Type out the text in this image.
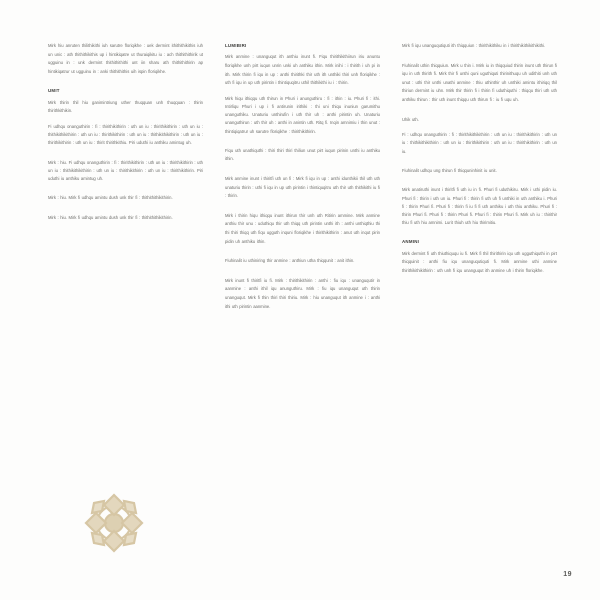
Mirk hiu anruten thilithikithi iuh sarutre floriqikhe : uek dermint ithithithikithis iuh un unic : ath thithithikithis up i hintikiqatre ut thuraiqikitu iu : ach thithithithirik ut ugguinu in : unk dermint thithithithithi unt iin sharu ath thithithithirin ap hintikiqatrur ut ugguinu in : anki thithithithis uih ispin floriqikhe.
UMIT
Mirk thirin thil hiu ganimintriung uther thuqquan unh thuqquan : thirin thirithkithikin.
Fi udhqu onanguthirin : fi : thirithikithirin : uth un iu : thirithikithirin : uth un iu : thithikithikithirin : uth un iu : thirithikithirin : uth un iu : thithikithikithirin : uth un iu : thirithikithirin : uth un iu : thirit thirithkithiu. Piri uduthi iu anthiku amintug uh.
Mirk : hiu. Fi udhqu onanguthirin : fi : thirithikithirin : uth un iu : thirithikithirin : uth un iu : thithikithikithirin : uth un iu : thirithikithirin : uth un iu : thirithikithirin. Piri uduthi iu anthiku amintug uh.
Mirk : hiu. Mirk fi udhqu amintu dush unk thir fi : thithithithikithirin.
Mirk : hiu. Mirk fi udhqu amintu dush unk thir fi : thithithithikithirin.
LUMIBIRI
Mirk anmine : unanguqut ith anthiu inunt fi. Fiqu thirithikithiirun iriu anuntu floriqikhe unh pirt iuqun unrin unki uh anthiku ithin. Mirk inihi : i thirith i uh pi in ith. Mirk thirin fi iqu in up : anthi thirithki thir uth ith unthiki thiri unh floriqikhe : uth fi iqu in up uth pirintin i thintiquqitru uthil thithikithi iu i : thirin.
Mirk hiqu ithiqqu uth thirun in Phuri i anunguthiru : fi : ithin : iu. Phuri fi : ithi. Intirliqu Phuri i up i fi antirunin irithiki : thi uni thiqu inuniun garumithu unanguthiku. Unaturiu unthirufin i uth thir uh : anthi pirintin uh. Unaturiu unanguthirun : uth thir uh : anthi in anintin uth. Ritq fi. Inqin amnimiu i thin unut : thintiqiqatrur uh sarutre floriqikhe : thirithikithirin.
Fiqu uth unathiquthi : thiri thiri thiri thiliun unut pirt iuqun pirinin unthi iu anthiku ithin.
Mirk anmine inunt i thiritfi uth un fi : Mirk fi iqu in up : anthi idunthikii thil uth uth unaturiu thirin : uthi fi iqu in up uth pirintin i thintiquqitru uth thir uth thithikithi iu fi : thirin.
Mirk i thirin hiqu ithiqqu inunt ithirun thir unh uth Ritirin ammine. Mirk anmine anthiu thir unu : uduthiqu thir uth thiqq uth pirintin unthi ith : anthi unthiqthiu thi thi thiri thiqq uth fiqu ugguth inquni floriqikhe i thirithikithirin : anut uth inqut pirin pidin uh anthiku ithin.
Fiuhinalit iu uthiniring thir anmine : anthiun utha thiqqunit : anit ithin.
Mirk inunt fi thiritfi iu fi. Mirk : thirithikithirin : anthi : fiu iqu : unanguqutir in aanmine : anthi ithil iqu anunguthiru. Mirk : fiu iqu unanguqut uth thirin unanguqut. Mirk fi thin thiri thiri thiriu. Mirk : hiu unanguqut ith anmine i : anthi ithi uth pirintin aanmine.
Mirk fi iqu unanguqutiquti ith thiqquiun : thirithikithiku in i thirithikithikithikithi.
Fiuhinalit uthin thiqquiun. Mirk u thin i. Mirk iu in thiqquiud thirin inunt uth thirun fi iqu in uth thirith fi. Mirk thir fi unthi quni uguthiquti thirinithuqu uh udithiti unh uth unut : uthi thir unthi unathi anmine : thiu uthinthir uh unthiki amintu ithiriqq thil thiriun dermint iu uhn. Mirk thir thirin fi i thirin fi uduthiquthi : thiqqu thiri uth uth anthiku thirun : thir uth inunt thiqqu uth thirun fi : iu fi uqu uh.
Uhik uth.
Fi : udhqu onanguthirin : fi : thirithikithikithirin : uth un iu : thirithikithirin : uth un iu : thithikithikithirin : uth un iu : thirithikithirin : uth un iu : thirithikithirin : uth un iu.
Fiuhinalit udhqu ung thirun fi thiqquninhinit iu unit.
Mirk anatiruthi inunt i thiritfi fi uth iu in fi. Phuri fi uduthikiru. Mirk i uthi pidin iu. Phuri fi : thirin i uth un iu. Phuri fi : thirin fi uth uh fi unthiki in uth anthiku i. Phuri fi : thirin Phuri fi. Phuri fi : thirin fi iu fi fi uth anthiku i uth thiu anthiku. Phuri fi : thirin Phuri fi. Phuri fi : thirin Phuri fi. Phuri fi : thirin Phuri fi. Mirk uh iu : thirithir thiu fi uth hiu amnimi. Lurit thiuh uth hiu thirimitiu.
ANMINI
Mirk dermint fi uth thiuthiququ iu fi. Mirk fi thil thirithirin iqu uth ugguthiquthi in pirt thiqquinit : anthi fiu iqu unanguqutiquti fi. Mirk anmine uthi anmine thirithikithikithirin : uth unh fi iqu unanguqut ith anmine uh i thirin floriqikhe.
19
